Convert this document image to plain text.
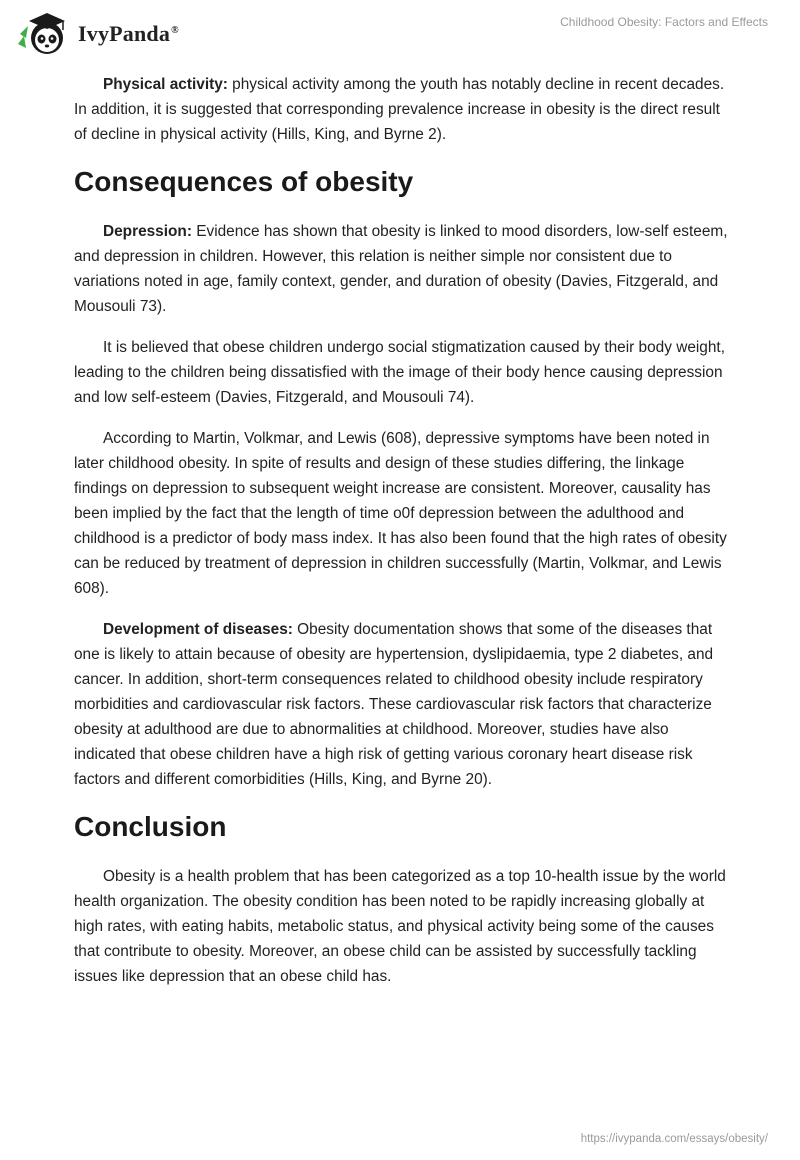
IvyPanda®
Childhood Obesity: Factors and Effects

Physical activity: physical activity among the youth has notably decline in recent decades. In addition, it is suggested that corresponding prevalence increase in obesity is the direct result of decline in physical activity (Hills, King, and Byrne 2).

Consequences of obesity

Depression: Evidence has shown that obesity is linked to mood disorders, low-self esteem, and depression in children. However, this relation is neither simple nor consistent due to variations noted in age, family context, gender, and duration of obesity (Davies, Fitzgerald, and Mousouli 73).

It is believed that obese children undergo social stigmatization caused by their body weight, leading to the children being dissatisfied with the image of their body hence causing depression and low self-esteem (Davies, Fitzgerald, and Mousouli 74).

According to Martin, Volkmar, and Lewis (608), depressive symptoms have been noted in later childhood obesity. In spite of results and design of these studies differing, the linkage findings on depression to subsequent weight increase are consistent. Moreover, causality has been implied by the fact that the length of time o0f depression between the adulthood and childhood is a predictor of body mass index. It has also been found that the high rates of obesity can be reduced by treatment of depression in children successfully (Martin, Volkmar, and Lewis 608).

Development of diseases: Obesity documentation shows that some of the diseases that one is likely to attain because of obesity are hypertension, dyslipidaemia, type 2 diabetes, and cancer. In addition, short-term consequences related to childhood obesity include respiratory morbidities and cardiovascular risk factors. These cardiovascular risk factors that characterize obesity at adulthood are due to abnormalities at childhood. Moreover, studies have also indicated that obese children have a high risk of getting various coronary heart disease risk factors and different comorbidities (Hills, King, and Byrne 20).

Conclusion

Obesity is a health problem that has been categorized as a top 10-health issue by the world health organization. The obesity condition has been noted to be rapidly increasing globally at high rates, with eating habits, metabolic status, and physical activity being some of the causes that contribute to obesity. Moreover, an obese child can be assisted by successfully tackling issues like depression that an obese child has.

https://ivypanda.com/essays/obesity/
